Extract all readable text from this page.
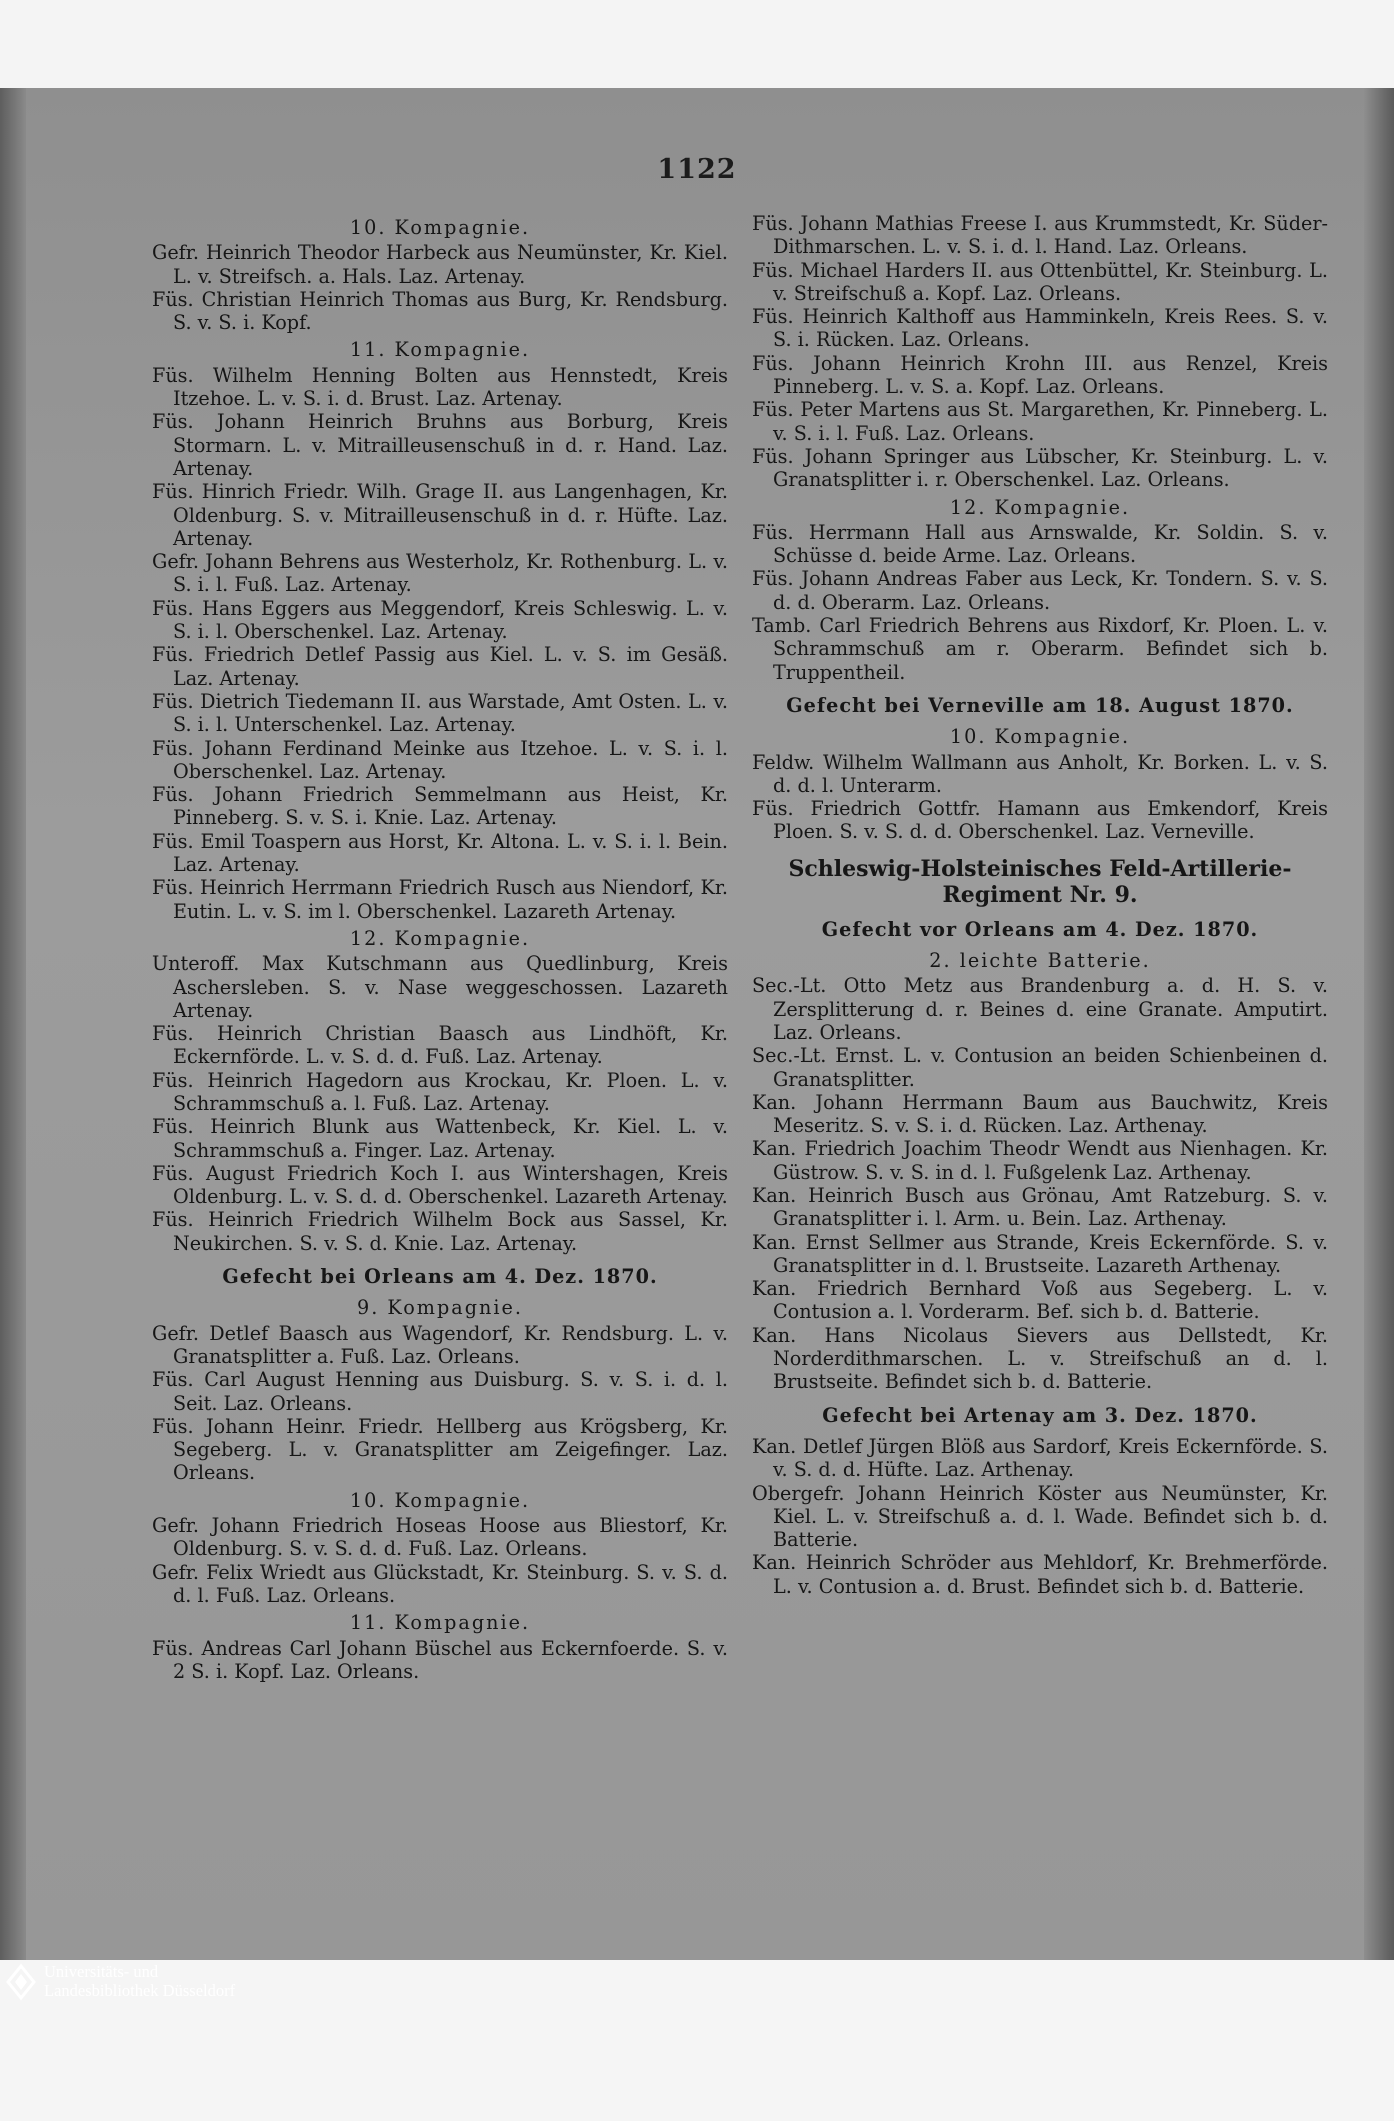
1122

10. Kompagnie.

Gefr. Heinrich Theodor Harbeck aus Neumünster, Kr. Kiel. L. v. Streifsch. a. Hals. Laz. Artenay.

Füs. Christian Heinrich Thomas aus Burg, Kr. Rendsburg. S. v. S. i. Kopf.

11. Kompagnie.

Füs. Wilhelm Henning Bolten aus Hennstedt, Kreis Itzehoe. L. v. S. i. d. Brust. Laz. Artenay.

Füs. Johann Heinrich Bruhns aus Borburg, Kreis Stormarn. L. v. Mitrailleusenschuß in d. r. Hand. Laz. Artenay.

Füs. Hinrich Friedr. Wilh. Grage II. aus Langenhagen, Kr. Oldenburg. S. v. Mitrailleusenschuß in d. r. Hüfte. Laz. Artenay.

Gefr. Johann Behrens aus Westerholz, Kr. Rothenburg. L. v. S. i. l. Fuß. Laz. Artenay.

Füs. Hans Eggers aus Meggendorf, Kreis Schleswig. L. v. S. i. l. Oberschenkel. Laz. Artenay.

Füs. Friedrich Detlef Passig aus Kiel. L. v. S. im Gesäß. Laz. Artenay.

Füs. Dietrich Tiedemann II. aus Warstade, Amt Osten. L. v. S. i. l. Unterschenkel. Laz. Artenay.

Füs. Johann Ferdinand Meinke aus Itzehoe. L. v. S. i. l. Oberschenkel. Laz. Artenay.

Füs. Johann Friedrich Semmelmann aus Heist, Kr. Pinneberg. S. v. S. i. Knie. Laz. Artenay.

Füs. Emil Toaspern aus Horst, Kr. Altona. L. v. S. i. l. Bein. Laz. Artenay.

Füs. Heinrich Herrmann Friedrich Rusch aus Niendorf, Kr. Eutin. L. v. S. im l. Oberschenkel. Lazareth Artenay.

12. Kompagnie.

Unteroff. Max Kutschmann aus Quedlinburg, Kreis Aschersleben. S. v. Nase weggeschossen. Lazareth Artenay.

Füs. Heinrich Christian Baasch aus Lindhöft, Kr. Eckernförde. L. v. S. d. d. Fuß. Laz. Artenay.

Füs. Heinrich Hagedorn aus Krockau, Kr. Ploen. L. v. Schrammschuß a. l. Fuß. Laz. Artenay.

Füs. Heinrich Blunk aus Wattenbeck, Kr. Kiel. L. v. Schrammschuß a. Finger. Laz. Artenay.

Füs. August Friedrich Koch I. aus Wintershagen, Kreis Oldenburg. L. v. S. d. d. Oberschenkel. Lazareth Artenay.

Füs. Heinrich Friedrich Wilhelm Bock aus Sassel, Kr. Neukirchen. S. v. S. d. Knie. Laz. Artenay.

Gefecht bei Orleans am 4. Dez. 1870.

9. Kompagnie.

Gefr. Detlef Baasch aus Wagendorf, Kr. Rendsburg. L. v. Granatsplitter a. Fuß. Laz. Orleans.

Füs. Carl August Henning aus Duisburg. S. v. S. i. d. l. Seit. Laz. Orleans.

Füs. Johann Heinr. Friedr. Hellberg aus Krögsberg, Kr. Segeberg. L. v. Granatsplitter am Zeigefinger. Laz. Orleans.

10. Kompagnie.

Gefr. Johann Friedrich Hoseas Hoose aus Bliestorf, Kr. Oldenburg. S. v. S. d. d. Fuß. Laz. Orleans.

Gefr. Felix Wriedt aus Glückstadt, Kr. Steinburg. S. v. S. d. d. l. Fuß. Laz. Orleans.

11. Kompagnie.

Füs. Andreas Carl Johann Büschel aus Eckernfoerde. S. v. 2 S. i. Kopf. Laz. Orleans.

Füs. Johann Mathias Freese I. aus Krummstedt, Kr. Süder-Dithmarschen. L. v. S. i. d. l. Hand. Laz. Orleans.

Füs. Michael Harders II. aus Ottenbüttel, Kr. Steinburg. L. v. Streifschuß a. Kopf. Laz. Orleans.

Füs. Heinrich Kalthoff aus Hamminkeln, Kreis Rees. S. v. S. i. Rücken. Laz. Orleans.

Füs. Johann Heinrich Krohn III. aus Renzel, Kreis Pinneberg. L. v. S. a. Kopf. Laz. Orleans.

Füs. Peter Martens aus St. Margarethen, Kr. Pinneberg. L. v. S. i. l. Fuß. Laz. Orleans.

Füs. Johann Springer aus Lübscher, Kr. Steinburg. L. v. Granatsplitter i. r. Oberschenkel. Laz. Orleans.

12. Kompagnie.

Füs. Herrmann Hall aus Arnswalde, Kr. Soldin. S. v. Schüsse d. beide Arme. Laz. Orleans.

Füs. Johann Andreas Faber aus Leck, Kr. Tondern. S. v. S. d. d. Oberarm. Laz. Orleans.

Tamb. Carl Friedrich Behrens aus Rixdorf, Kr. Ploen. L. v. Schrammschuß am r. Oberarm. Befindet sich b. Truppentheil.

Gefecht bei Verneville am 18. August 1870.

10. Kompagnie.

Feldw. Wilhelm Wallmann aus Anholt, Kr. Borken. L. v. S. d. d. l. Unterarm.

Füs. Friedrich Gottfr. Hamann aus Emkendorf, Kreis Ploen. S. v. S. d. d. Oberschenkel. Laz. Verneville.

Schleswig-Holsteinisches Feld-Artillerie-Regiment Nr. 9.

Gefecht vor Orleans am 4. Dez. 1870.

2. leichte Batterie.

Sec.-Lt. Otto Metz aus Brandenburg a. d. H. S. v. Zersplitterung d. r. Beines d. eine Granate. Amputirt. Laz. Orleans.

Sec.-Lt. Ernst. L. v. Contusion an beiden Schienbeinen d. Granatsplitter.

Kan. Johann Herrmann Baum aus Bauchwitz, Kreis Meseritz. S. v. S. i. d. Rücken. Laz. Arthenay.

Kan. Friedrich Joachim Theodr Wendt aus Nienhagen. Kr. Güstrow. S. v. S. in d. l. Fußgelenk Laz. Arthenay.

Kan. Heinrich Busch aus Grönau, Amt Ratzeburg. S. v. Granatsplitter i. l. Arm. u. Bein. Laz. Arthenay.

Kan. Ernst Sellmer aus Strande, Kreis Eckernförde. S. v. Granatsplitter in d. l. Brustseite. Lazareth Arthenay.

Kan. Friedrich Bernhard Voß aus Segeberg. L. v. Contusion a. l. Vorderarm. Bef. sich b. d. Batterie.

Kan. Hans Nicolaus Sievers aus Dellstedt, Kr. Norderdithmarschen. L. v. Streifschuß an d. l. Brustseite. Befindet sich b. d. Batterie.

Gefecht bei Artenay am 3. Dez. 1870.

Kan. Detlef Jürgen Blöß aus Sardorf, Kreis Eckernförde. S. v. S. d. d. Hüfte. Laz. Arthenay.

Obergefr. Johann Heinrich Köster aus Neumünster, Kr. Kiel. L. v. Streifschuß a. d. l. Wade. Befindet sich b. d. Batterie.

Kan. Heinrich Schröder aus Mehldorf, Kr. Brehmerförde. L. v. Contusion a. d. Brust. Befindet sich b. d. Batterie.

Universitäts- und
Landesbibliothek Düsseldorf
